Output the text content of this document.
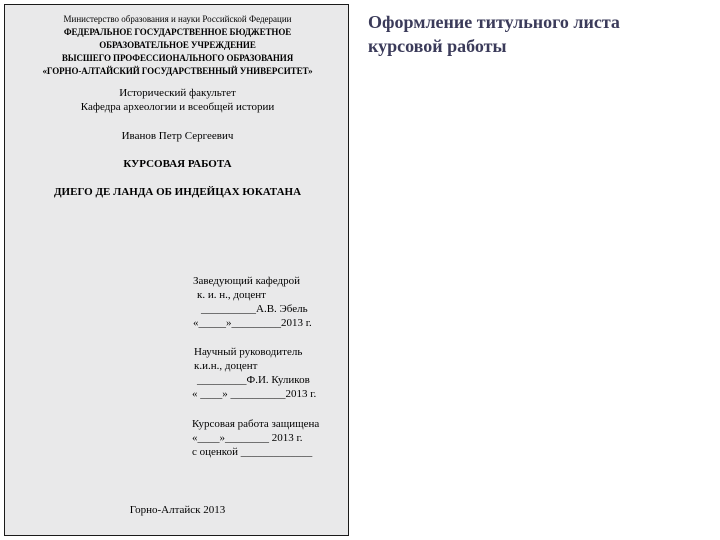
Министерство образования и науки Российской Федерации
ФЕДЕРАЛЬНОЕ ГОСУДАРСТВЕННОЕ БЮДЖЕТНОЕ
ОБРАЗОВАТЕЛЬНОЕ УЧРЕЖДЕНИЕ
ВЫСШЕГО ПРОФЕССИОНАЛЬНОГО ОБРАЗОВАНИЯ
«ГОРНО-АЛТАЙСКИЙ ГОСУДАРСТВЕННЫЙ УНИВЕРСИТЕТ»
Исторический факультет
Кафедра археологии и всеобщей истории
Иванов Петр Сергеевич
КУРСОВАЯ РАБОТА
ДИЕГО ДЕ ЛАНДА ОБ ИНДЕЙЦАХ ЮКАТАНА
Заведующий кафедрой
к. и. н., доцент
__________А.В. Эбель
«_____»_________2013 г.
Научный руководитель
к.и.н., доцент
_________Ф.И. Куликов
« ____» __________2013 г.
Курсовая работа защищена
«____»________ 2013 г.
с оценкой _____________
Горно-Алтайск 2013
Оформление титульного листа
курсовой работы
